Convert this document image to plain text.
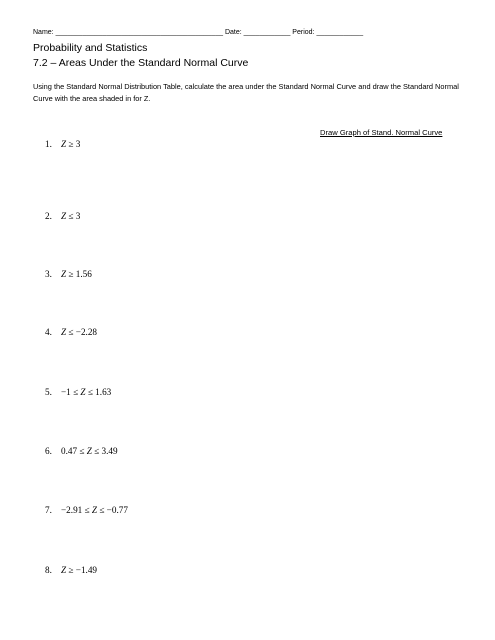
Name: ___________________________________________ Date: ____________ Period: ____________
Probability and Statistics
7.2 – Areas Under the Standard Normal Curve
Using the Standard Normal Distribution Table, calculate the area under the Standard Normal Curve and draw the Standard Normal Curve with the area shaded in for Z.
Draw Graph of Stand. Normal Curve
1. Z ≥ 3
2. Z ≤ 3
3. Z ≥ 1.56
4. Z ≤ −2.28
5. −1 ≤ Z ≤ 1.63
6. 0.47 ≤ Z ≤ 3.49
7. −2.91 ≤ Z ≤ −0.77
8. Z ≥ −1.49
